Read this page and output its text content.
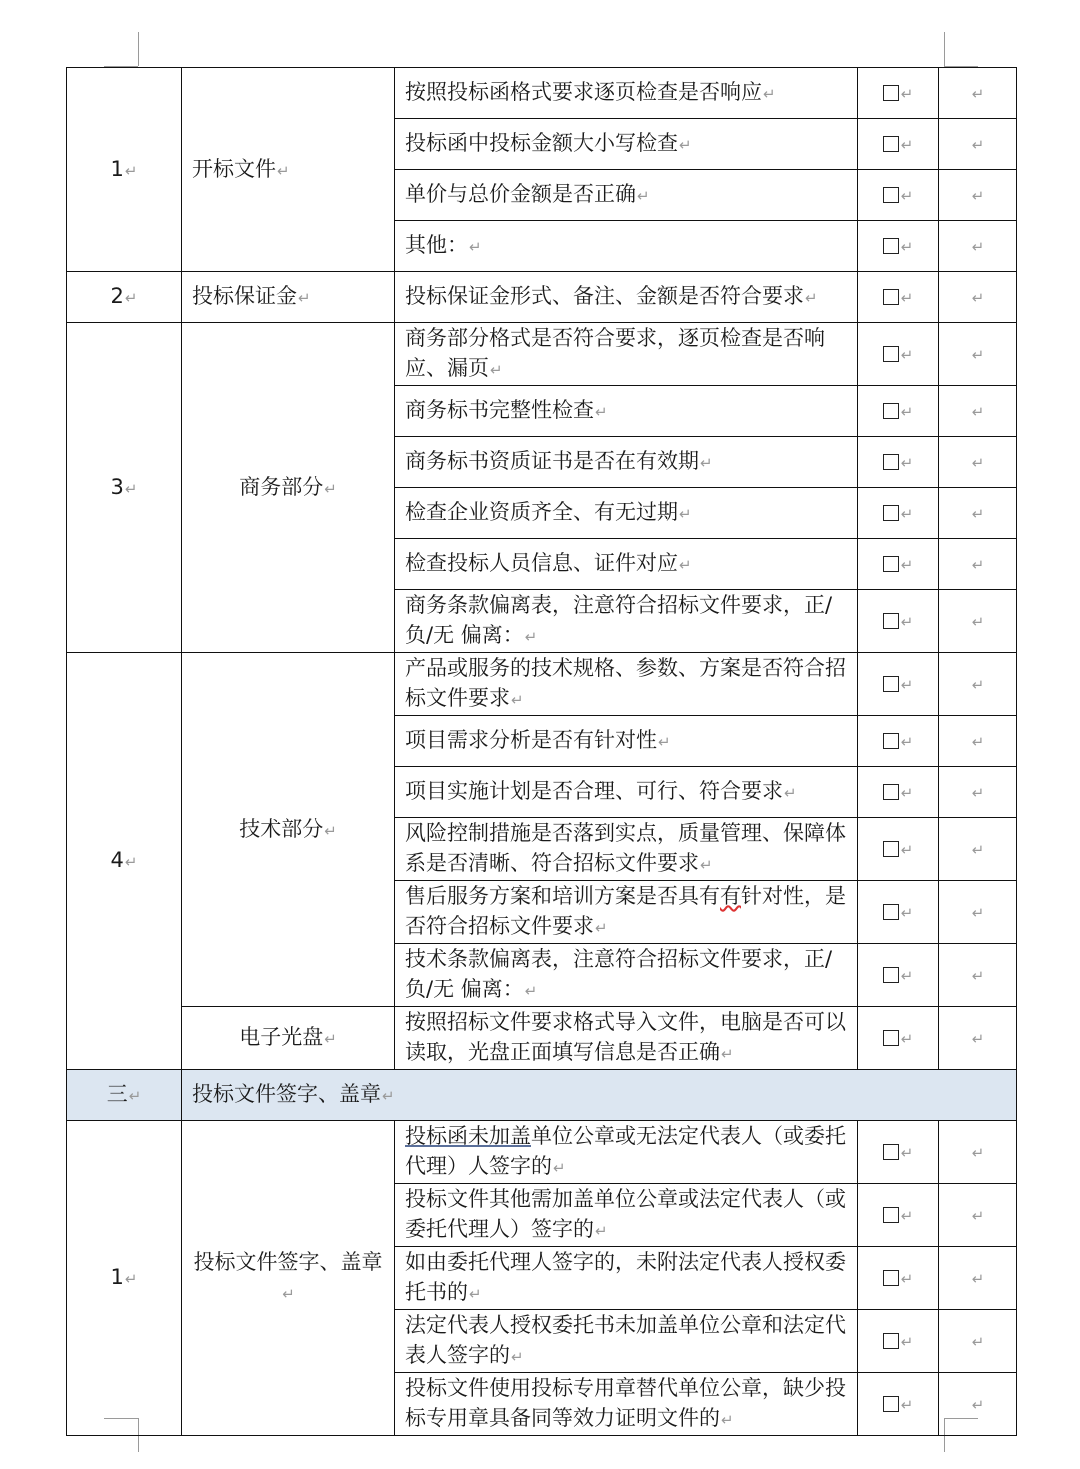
1↵	开标文件↵	按照投标函格式要求逐页检查是否响应↵	↵	↵
		投标函中投标金额大小写检查↵	↵	↵
		单价与总价金额是否正确↵	↵	↵
		其他：↵	↵	↵
2↵	投标保证金↵	投标保证金形式、备注、金额是否符合要求↵	↵	↵
3↵	商务部分↵	商务部分格式是否符合要求，逐页检查是否响应、漏页↵	↵	↵
		商务标书完整性检查↵	↵	↵
		商务标书资质证书是否在有效期↵	↵	↵
		检查企业资质齐全、有无过期↵	↵	↵
		检查投标人员信息、证件对应↵	↵	↵
		商务条款偏离表，注意符合招标文件要求，正/负/无 偏离：↵	↵	↵
4↵	技术部分↵	产品或服务的技术规格、参数、方案是否符合招标文件要求↵	↵	↵
		项目需求分析是否有针对性↵	↵	↵
		项目实施计划是否合理、可行、符合要求↵	↵	↵
		风险控制措施是否落到实点，质量管理、保障体系是否清晰、符合招标文件要求↵	↵	↵
		售后服务方案和培训方案是否具有有针对性，是否符合招标文件要求↵	↵	↵
		技术条款偏离表，注意符合招标文件要求，正/负/无 偏离：↵	↵	↵
	电子光盘↵	按照招标文件要求格式导入文件，电脑是否可以读取，光盘正面填写信息是否正确↵	↵	↵
三↵	投标文件签字、盖章↵			
1↵	投标文件签字、盖章↵	投标函未加盖单位公章或无法定代表人（或委托代理）人签字的↵	↵	↵
		投标文件其他需加盖单位公章或法定代表人（或委托代理人）签字的↵	↵	↵
		如由委托代理人签字的，未附法定代表人授权委托书的↵	↵	↵
		法定代表人授权委托书未加盖单位公章和法定代表人签字的↵	↵	↵
		投标文件使用投标专用章替代单位公章，缺少投标专用章具备同等效力证明文件的↵	↵	↵
